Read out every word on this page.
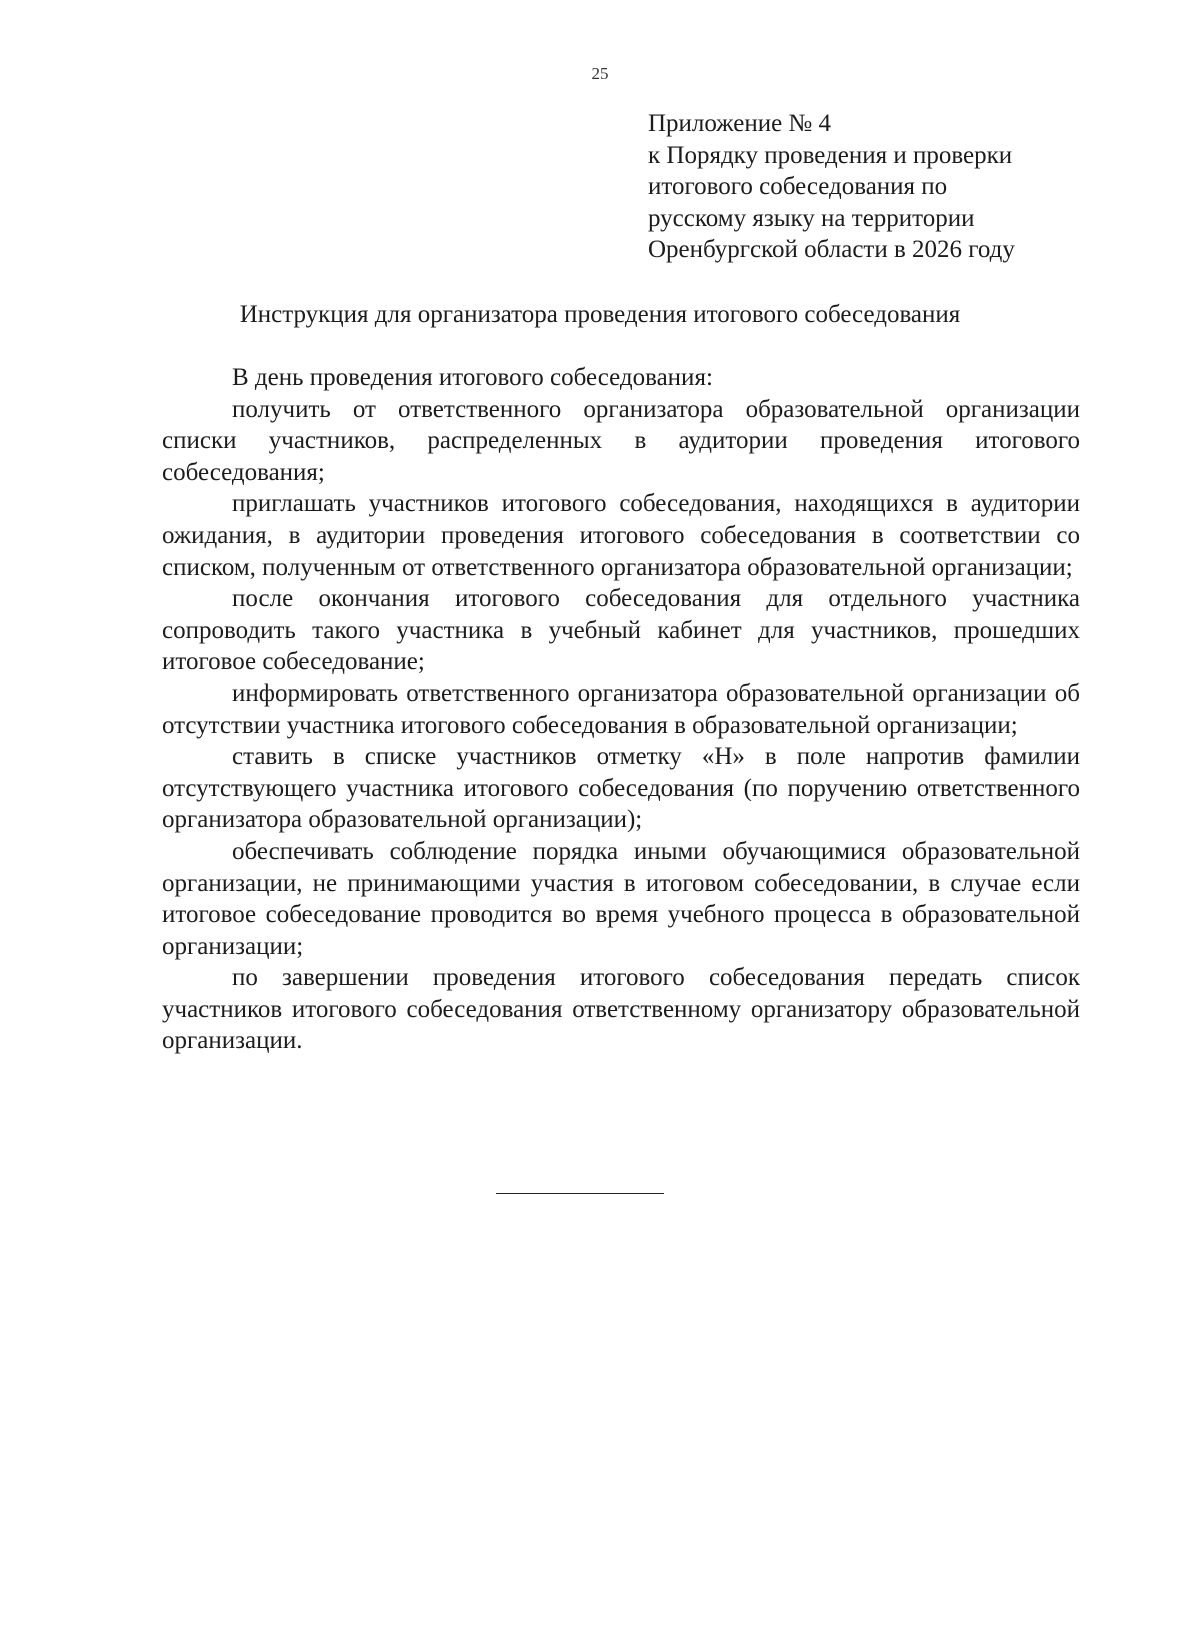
25
Приложение № 4
к Порядку проведения и проверки
итогового собеседования по
русскому языку на территории
Оренбургской области в 2026 году
Инструкция для организатора проведения итогового собеседования

В день проведения итогового собеседования:

получить от ответственного организатора образовательной организации списки участников, распределенных в аудитории проведения итогового собеседования;

приглашать участников итогового собеседования, находящихся в аудитории ожидания, в аудитории проведения итогового собеседования в соответствии со списком, полученным от ответственного организатора образовательной организации;

после окончания итогового собеседования для отдельного участника сопроводить такого участника в учебный кабинет для участников, прошедших итоговое собеседование;

информировать ответственного организатора образовательной организации об отсутствии участника итогового собеседования в образовательной организации;

ставить в списке участников отметку «Н» в поле напротив фамилии отсутствующего участника итогового собеседования (по поручению ответственного организатора образовательной организации);

обеспечивать соблюдение порядка иными обучающимися образовательной организации, не принимающими участия в итоговом собеседовании, в случае если итоговое собеседование проводится во время учебного процесса в образовательной организации;

по завершении проведения итогового собеседования передать список участников итогового собеседования ответственному организатору образовательной организации.
